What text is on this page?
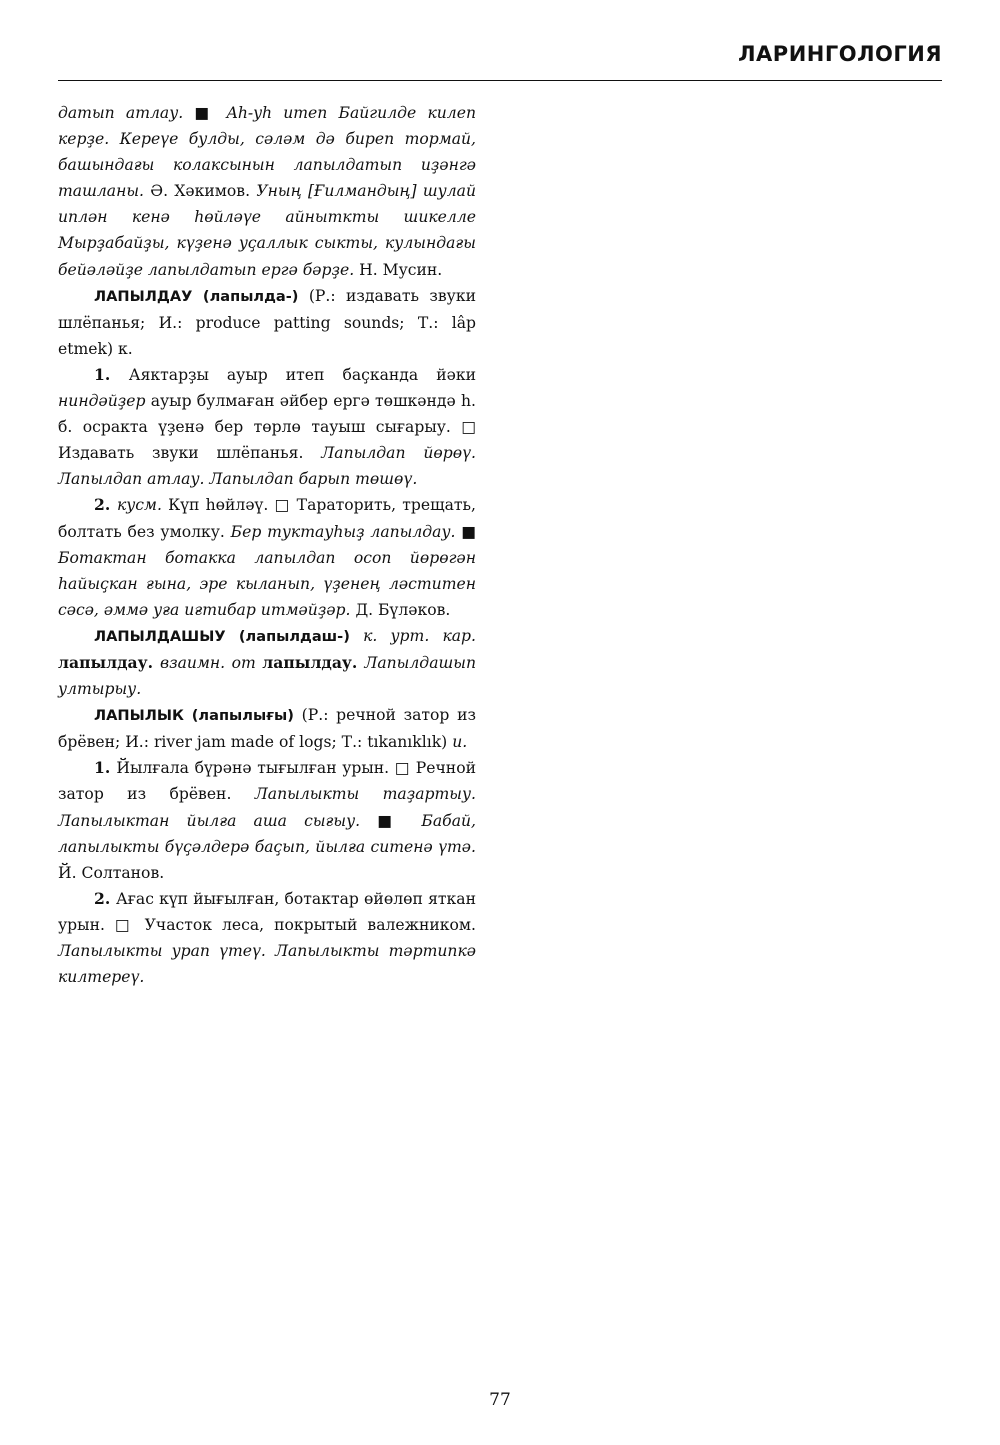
ЛАРИНГОЛОГИЯ

датып атлау. ■ Ah-yh итеп Байгилде килеп керҙе. Кереүе булды, сәләм дә биреп тормай, башындағы колаксынын лапылдатып иҙәнгә ташланы. Ә. Хәкимов. Уның [Ғилмандың] шулай иплән кенә hөйләүе айныткты шикелле Мырҙабайҙы, күҙенә уҫаллык сыкты, кулындағы бейәләйҙе лапылдатып ергә бәрҙе. Н. Мусин.

ЛАПЫЛДАУ (лапылда-) (Р.: издавать звуки шлёпанья; И.: produce patting sounds; Т.: lâp etmek) к.

1. Аяктарҙы ауыр итеп баҫканда йәки ниндәйҙер ауыр булмаған әйбер ергә төшкәндә h. б. осракта үҙенә бер төрлө тауыш сығарыу. □ Издавать звуки шлёпанья. Лапылдап йөрөү. Лапылдап атлау. Лапылдап барып төшөү.

2. кусм. Күп hөйләү. □ Тараторить, трещать, болтать без умолку. Бер туктауhыҙ лапылдау. ■ Ботактан ботакка лапылдап осоп йөрөгән hайыҫкан ғына, эре кыланып, үҙенең ләститен сәсә, әммә уға иғтибар итмәйҙәр. Д. Бүләков.

ЛАПЫЛДАШЫУ (лапылдаш-) к. урт. кар. лапылдау. взаимн. от лапылдау. Лапылдашып ултырыу.

ЛАПЫЛЫК (лапылығы) (Р.: речной затор из брёвен; И.: river jam made of logs; Т.: tıkanıklık) и.

1. Йылғала бүрәнә тығылған урын. □ Речной затор из брёвен. Лапылыкты таҙартыу. Лапылыктан йылға аша сығыу. ■ Бабай, лапылыкты бүҫәлдерә баҫып, йылға ситенә үтә. Й. Солтанов.

2. Ағас күп йығылған, ботактар өйөлөп яткан урын. □ Участок леса, покрытый валежником. Лапылыкты урап үтеү. Лапылыкты тәртипкә килтереү.

77
